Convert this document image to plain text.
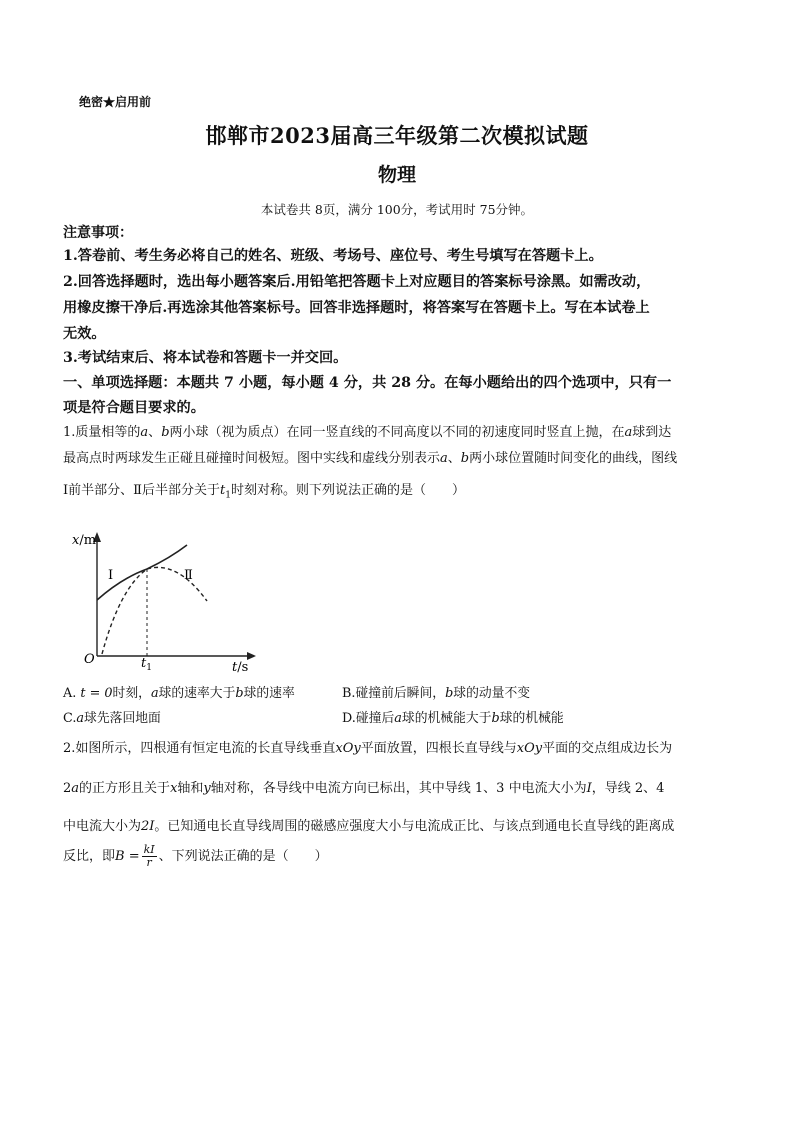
绝密★启用前
邯郸市2023届高三年级第二次模拟试题
物理
本试卷共 8页，满分 100分，考试用时 75分钟。
注意事项：
1.答卷前、考生务必将自己的姓名、班级、考场号、座位号、考生号填写在答题卡上。
2.回答选择题时，选出每小题答案后.用铅笔把答题卡上对应题目的答案标号涂黑。如需改动，
用橡皮擦干净后.再选涂其他答案标号。回答非选择题时，将答案写在答题卡上。写在本试卷上
无效。
3.考试结束后、将本试卷和答题卡一并交回。
一、单项选择题：本题共 7 小题，每小题 4 分，共 28 分。在每小题给出的四个选项中，只有一
项是符合题目要求的。
1.质量相等的a、b两小球（视为质点）在同一竖直线的不同高度以不同的初速度同时竖直上抛，在a球到达
最高点时两球发生正碰且碰撞时间极短。图中实线和虚线分别表示a、b两小球位置随时间变化的曲线，图线
Ⅰ前半部分、Ⅱ后半部分关于$t_1$时刻对称。则下列说法正确的是（　　）
x/m
t/s
O	$t_1$
Ⅰ	Ⅱ
A. t = 0时刻，a球的速率大于b球的速率	B.碰撞前后瞬间，b球的动量不变
C.a球先落回地面	D.碰撞后a球的机械能大于b球的机械能
2.如图所示，四根通有恒定电流的长直导线垂直xOy平面放置，四根长直导线与xOy平面的交点组成边长为
2a的正方形且关于x轴和y轴对称，各导线中电流方向已标出，其中导线 1、3 中电流大小为I，导线 2、4
中电流大小为2I。已知通电长直导线周围的磁感应强度大小与电流成正比、与该点到通电长直导线的距离成
反比，即$B = \frac{kI}{r}$ 、下列说法正确的是（　　）
